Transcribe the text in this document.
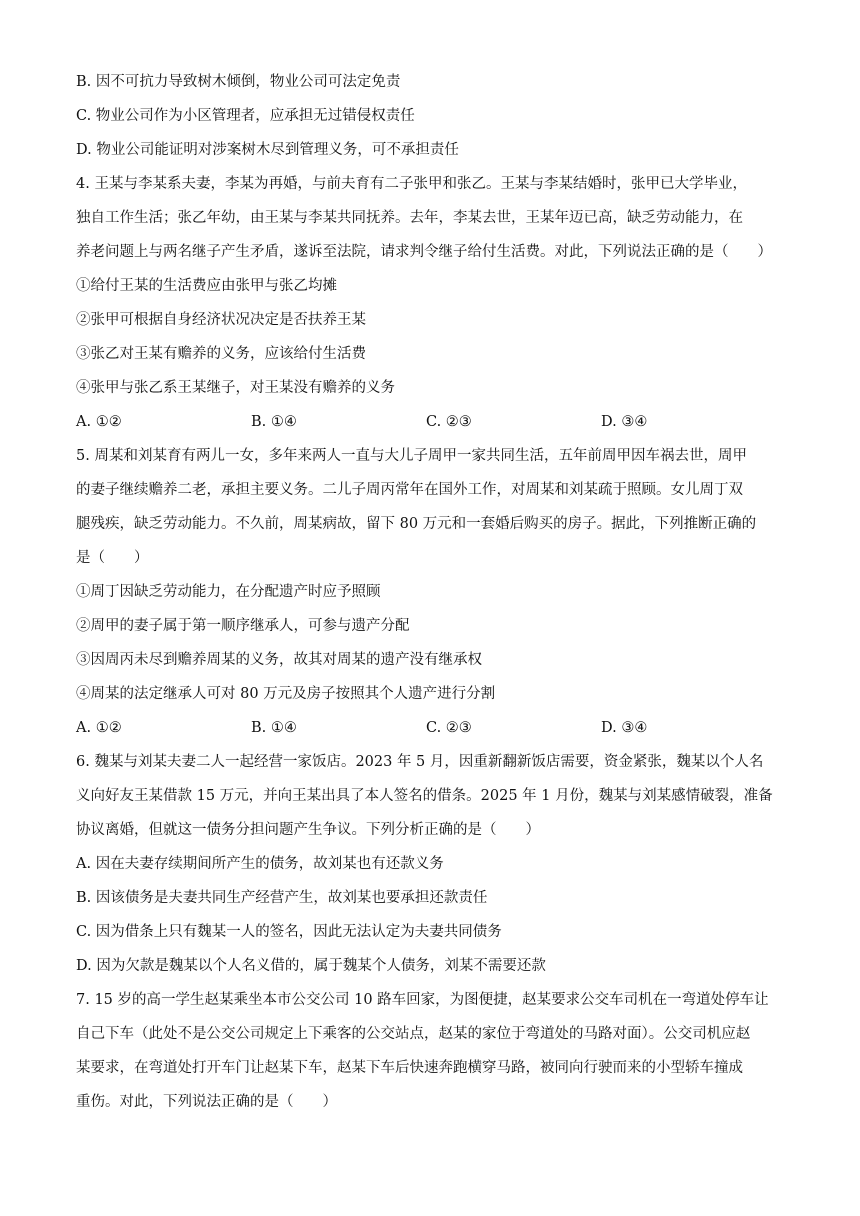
B. 因不可抗力导致树木倾倒，物业公司可法定免责
C. 物业公司作为小区管理者，应承担无过错侵权责任
D. 物业公司能证明对涉案树木尽到管理义务，可不承担责任
4. 王某与李某系夫妻，李某为再婚，与前夫育有二子张甲和张乙。王某与李某结婚时，张甲已大学毕业，
独自工作生活；张乙年幼，由王某与李某共同抚养。去年，李某去世，王某年迈已高，缺乏劳动能力，在
养老问题上与两名继子产生矛盾，遂诉至法院，请求判令继子给付生活费。对此，下列说法正确的是（　　）
①给付王某的生活费应由张甲与张乙均摊
②张甲可根据自身经济状况决定是否扶养王某
③张乙对王某有赡养的义务，应该给付生活费
④张甲与张乙系王某继子，对王某没有赡养的义务
A. ①②	B. ①④	C. ②③	D. ③④
5. 周某和刘某育有两儿一女，多年来两人一直与大儿子周甲一家共同生活，五年前周甲因车祸去世，周甲
的妻子继续赡养二老，承担主要义务。二儿子周丙常年在国外工作，对周某和刘某疏于照顾。女儿周丁双
腿残疾，缺乏劳动能力。不久前，周某病故，留下 80 万元和一套婚后购买的房子。据此，下列推断正确的
是（　　）
①周丁因缺乏劳动能力，在分配遗产时应予照顾
②周甲的妻子属于第一顺序继承人，可参与遗产分配
③因周丙未尽到赡养周某的义务，故其对周某的遗产没有继承权
④周某的法定继承人可对 80 万元及房子按照其个人遗产进行分割
A. ①②	B. ①④	C. ②③	D. ③④
6. 魏某与刘某夫妻二人一起经营一家饭店。2023 年 5 月，因重新翻新饭店需要，资金紧张，魏某以个人名
义向好友王某借款 15 万元，并向王某出具了本人签名的借条。2025 年 1 月份，魏某与刘某感情破裂，准备
协议离婚，但就这一债务分担问题产生争议。下列分析正确的是（　　）
A. 因在夫妻存续期间所产生的债务，故刘某也有还款义务
B. 因该债务是夫妻共同生产经营产生，故刘某也要承担还款责任
C. 因为借条上只有魏某一人的签名，因此无法认定为夫妻共同债务
D. 因为欠款是魏某以个人名义借的，属于魏某个人债务，刘某不需要还款
7. 15 岁的高一学生赵某乘坐本市公交公司 10 路车回家，为图便捷，赵某要求公交车司机在一弯道处停车让
自己下车（此处不是公交公司规定上下乘客的公交站点，赵某的家位于弯道处的马路对面）。公交司机应赵
某要求，在弯道处打开车门让赵某下车，赵某下车后快速奔跑横穿马路，被同向行驶而来的小型轿车撞成
重伤。对此，下列说法正确的是（　　）
